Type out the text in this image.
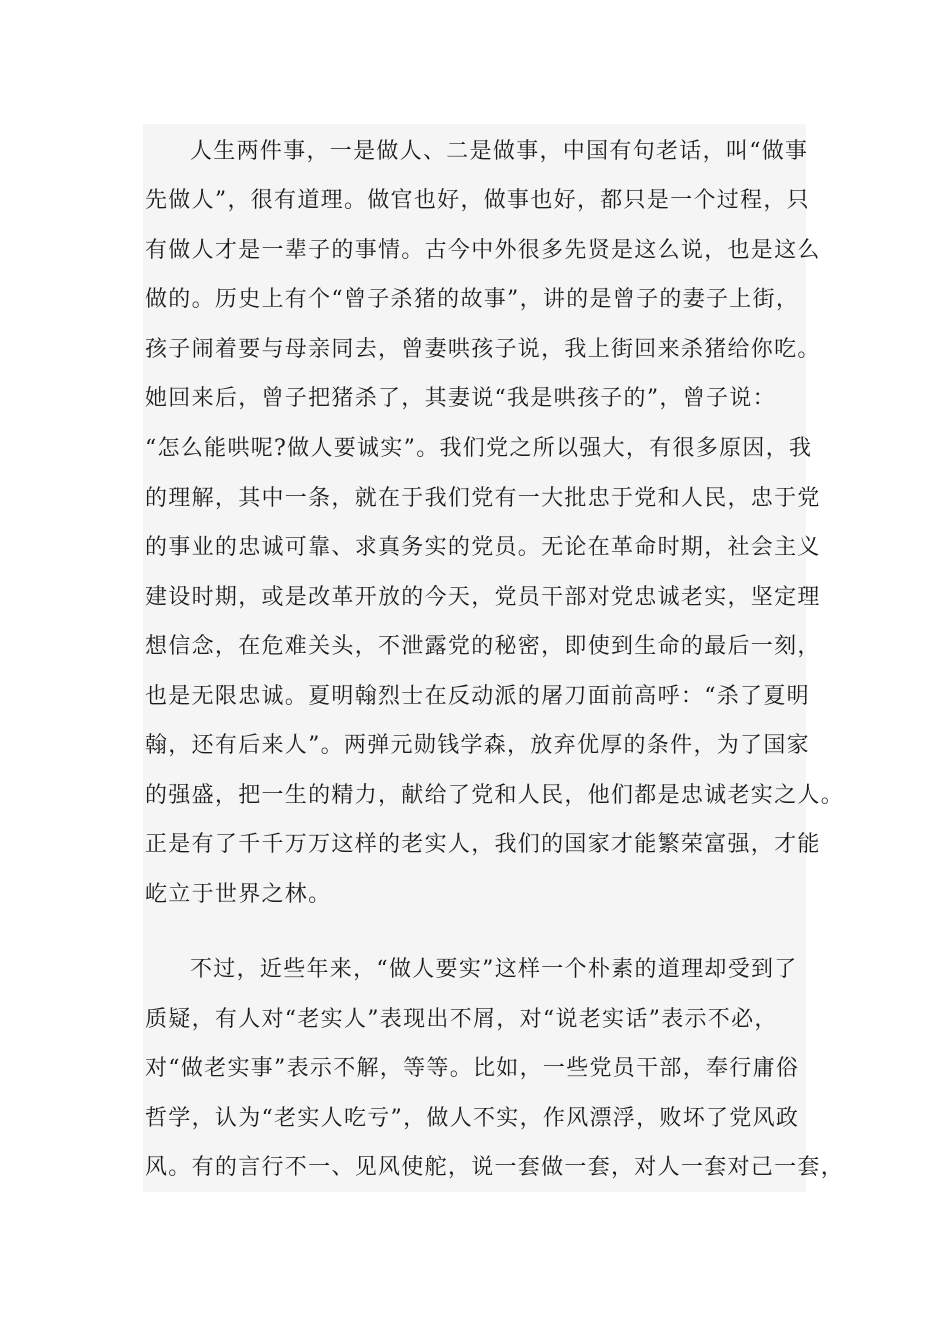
人生两件事，一是做人、二是做事，中国有句老话，叫“做事
先做人”，很有道理。做官也好，做事也好，都只是一个过程，只
有做人才是一辈子的事情。古今中外很多先贤是这么说，也是这么
做的。历史上有个“曾子杀猪的故事”，讲的是曾子的妻子上街，
孩子闹着要与母亲同去，曾妻哄孩子说，我上街回来杀猪给你吃。
她回来后，曾子把猪杀了，其妻说“我是哄孩子的”，曾子说：
“怎么能哄呢?做人要诚实”。我们党之所以强大，有很多原因，我
的理解，其中一条，就在于我们党有一大批忠于党和人民，忠于党
的事业的忠诚可靠、求真务实的党员。无论在革命时期，社会主义
建设时期，或是改革开放的今天，党员干部对党忠诚老实，坚定理
想信念，在危难关头，不泄露党的秘密，即使到生命的最后一刻，
也是无限忠诚。夏明翰烈士在反动派的屠刀面前高呼：“杀了夏明
翰，还有后来人”。两弹元勋钱学森，放弃优厚的条件，为了国家
的强盛，把一生的精力，献给了党和人民，他们都是忠诚老实之人。
正是有了千千万万这样的老实人，我们的国家才能繁荣富强，才能
屹立于世界之林。
不过，近些年来，“做人要实”这样一个朴素的道理却受到了
质疑，有人对“老实人”表现出不屑，对“说老实话”表示不必，
对“做老实事”表示不解，等等。比如，一些党员干部，奉行庸俗
哲学，认为“老实人吃亏”，做人不实，作风漂浮，败坏了党风政
风。有的言行不一、见风使舵，说一套做一套，对人一套对己一套，
